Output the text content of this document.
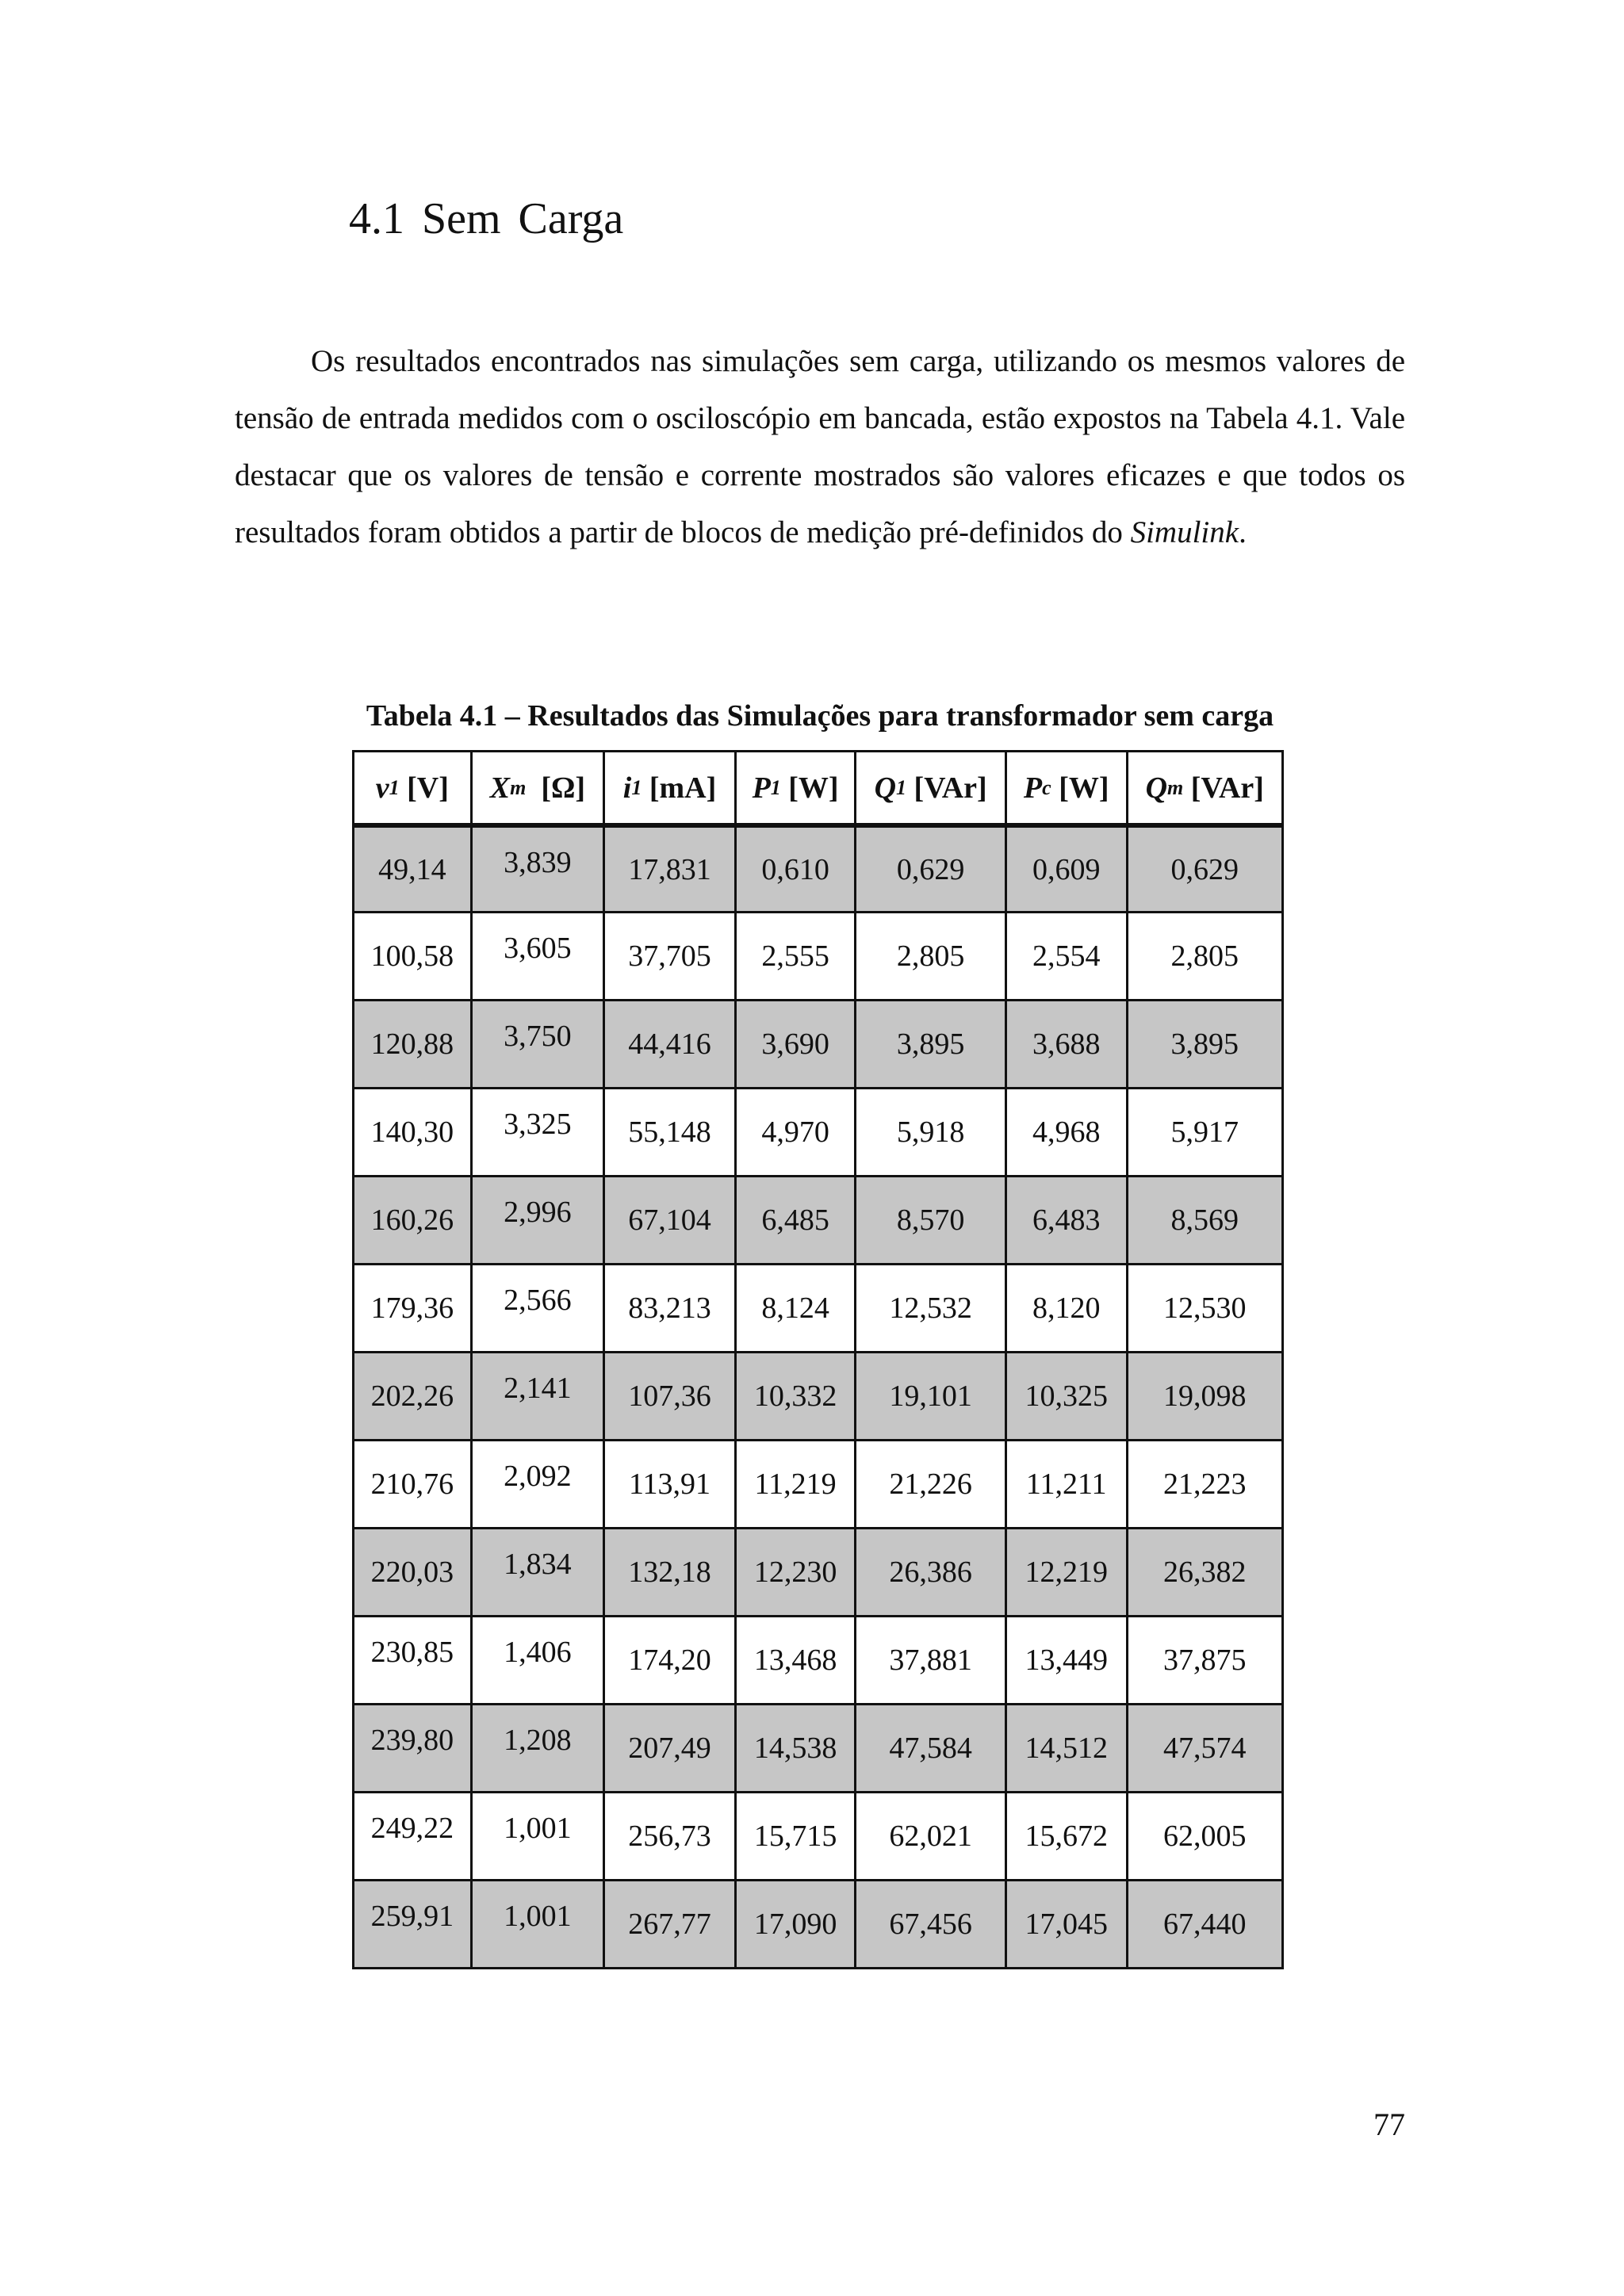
4.1 Sem Carga

Os resultados encontrados nas simulações sem carga, utilizando os mesmos valores de tensão de entrada medidos com o osciloscópio em bancada, estão expostos na Tabela 4.1. Vale destacar que os valores de tensão e corrente mostrados são valores eficazes e que todos os resultados foram obtidos a partir de blocos de medição pré-definidos do Simulink.

Tabela 4.1 – Resultados das Simulações para transformador sem carga

v 1 [V] X m [Ω] i 1 [mA] P 1 [W] Q 1 [VAr] P c [W] Q m [VAr]
49,14	3,839	17,831	0,610	0,629	0,609	0,629
100,58	3,605	37,705	2,555	2,805	2,554	2,805
120,88	3,750	44,416	3,690	3,895	3,688	3,895
140,30	3,325	55,148	4,970	5,918	4,968	5,917
160,26	2,996	67,104	6,485	8,570	6,483	8,569
179,36	2,566	83,213	8,124	12,532	8,120	12,530
202,26	2,141	107,36	10,332	19,101	10,325	19,098
210,76	2,092	113,91	11,219	21,226	11,211	21,223
220,03	1,834	132,18	12,230	26,386	12,219	26,382
230,85	1,406	174,20	13,468	37,881	13,449	37,875
239,80	1,208	207,49	14,538	47,584	14,512	47,574
249,22	1,001	256,73	15,715	62,021	15,672	62,005
259,91	1,001	267,77	17,090	67,456	17,045	67,440
77
